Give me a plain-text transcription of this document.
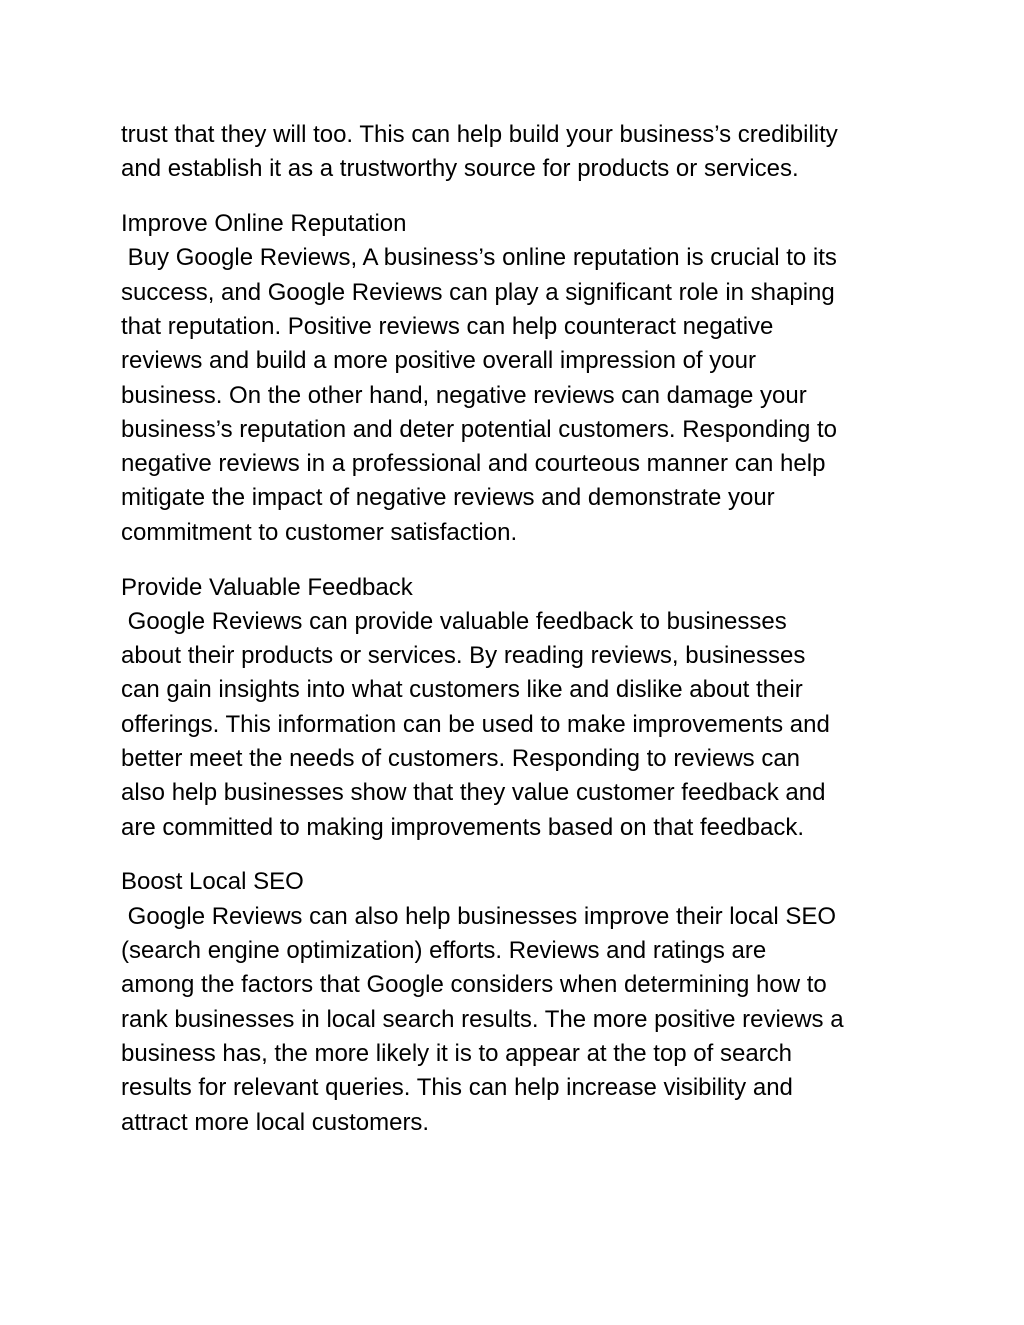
trust that they will too. This can help build your business’s credibility
and establish it as a trustworthy source for products or services.
Improve Online Reputation
Buy Google Reviews, A business’s online reputation is crucial to its
success, and Google Reviews can play a significant role in shaping
that reputation. Positive reviews can help counteract negative
reviews and build a more positive overall impression of your
business. On the other hand, negative reviews can damage your
business’s reputation and deter potential customers. Responding to
negative reviews in a professional and courteous manner can help
mitigate the impact of negative reviews and demonstrate your
commitment to customer satisfaction.
Provide Valuable Feedback
Google Reviews can provide valuable feedback to businesses
about their products or services. By reading reviews, businesses
can gain insights into what customers like and dislike about their
offerings. This information can be used to make improvements and
better meet the needs of customers. Responding to reviews can
also help businesses show that they value customer feedback and
are committed to making improvements based on that feedback.
Boost Local SEO
Google Reviews can also help businesses improve their local SEO
(search engine optimization) efforts. Reviews and ratings are
among the factors that Google considers when determining how to
rank businesses in local search results. The more positive reviews a
business has, the more likely it is to appear at the top of search
results for relevant queries. This can help increase visibility and
attract more local customers.
